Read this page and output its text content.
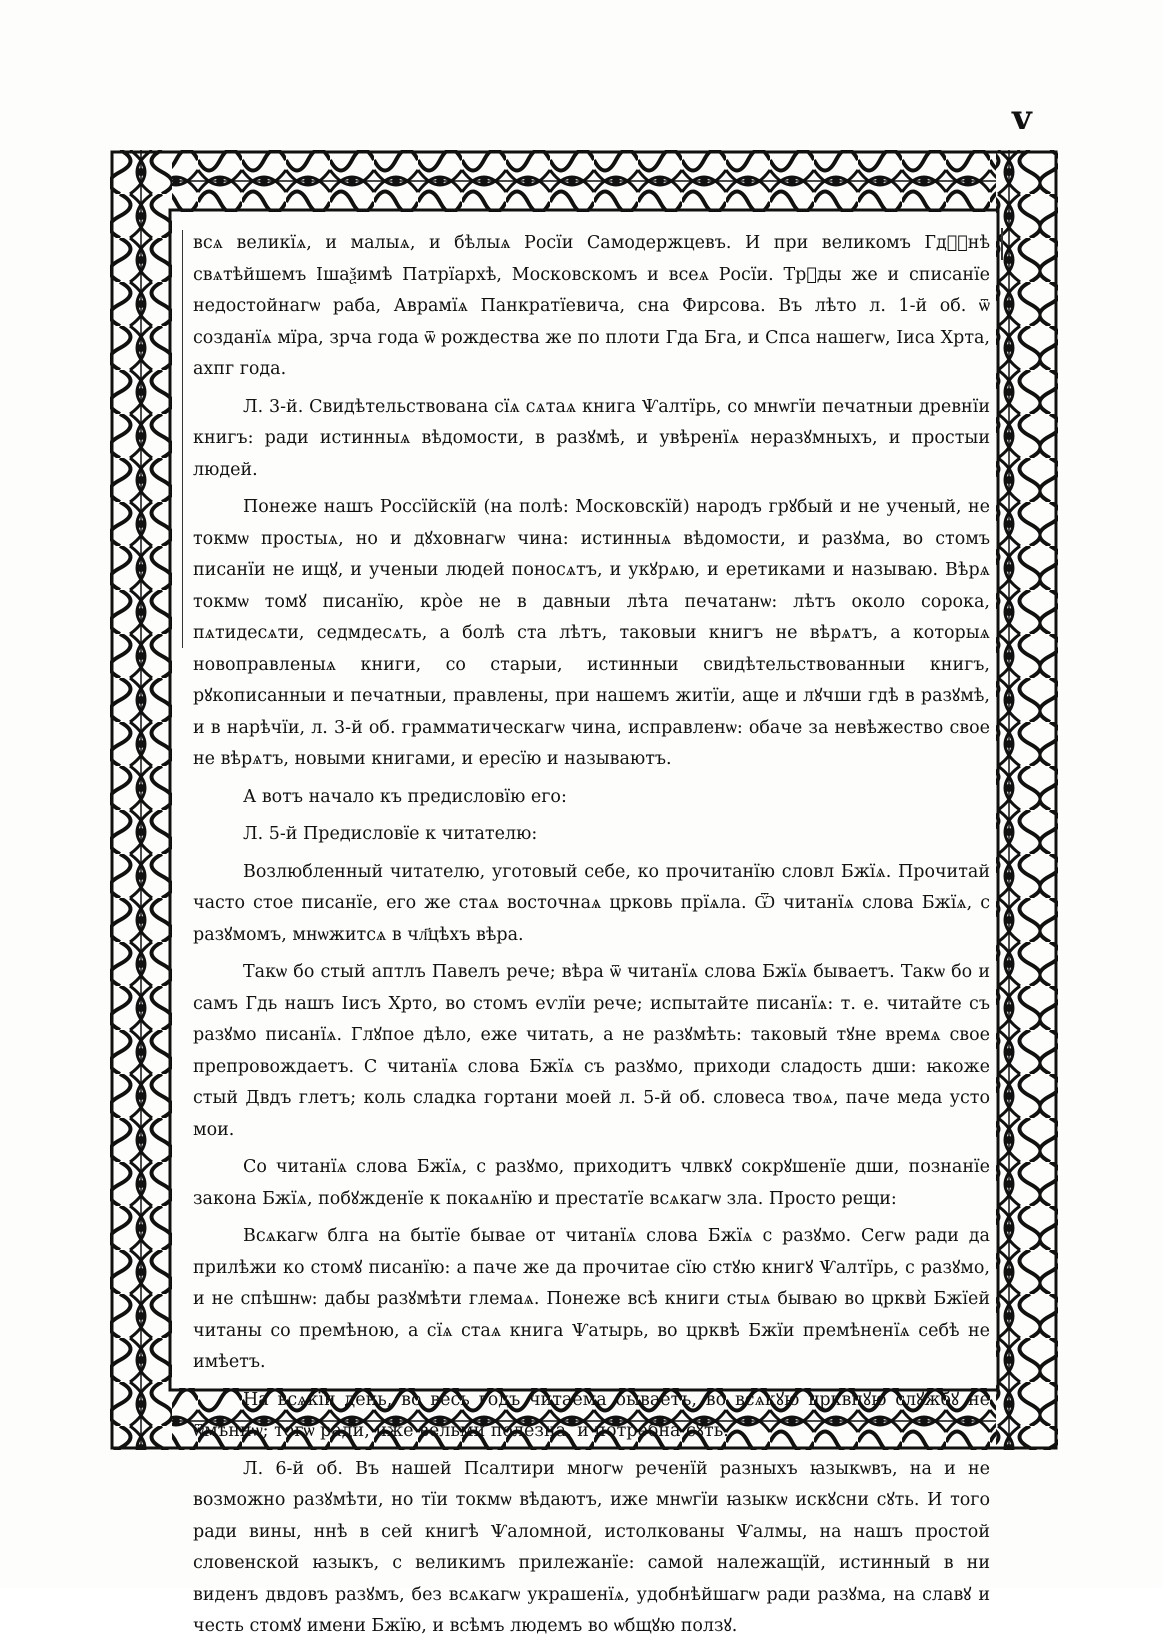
v

всѧ великїѧ, и малыѧ, и бѣлыѧ Росїи Самодержцевъ. И при великомъ Гдⷭ҇нѣ свѧтѣйшемъ Ішаѯимѣ Патрїархѣ, Московскомъ и всеѧ Росїи. Трꙋды же и списанїе недостойнагѡ раба, Аврамїѧ Панкратїевича, сна Фирсова. Въ лѣто л. 1-й об. ѿ созданїѧ мїра, зрча года ѿ рождества же по плоти Гда Бга, и Спса нашегѡ, Іиса Хрта, ахпг года.

Л. 3-й. Свидѣтельствована сїѧ сѧтаѧ книга Ѱалтїрь, со мнѡгїи печатныи древнїи книгъ: ради истинныѧ вѣдомости, в разꙋмѣ, и увѣренїѧ неразꙋмныхъ, и простыи людей.

Понеже нашъ Россїйскїй (на полѣ: Московскїй) народъ грꙋбый и не ученый, не токмѡ простыѧ, но и дꙋховнагѡ чина: истинныѧ вѣдомости, и разꙋма, во стомъ писанїи не ищꙋ, и ученыи людей поносѧтъ, и укꙋрѧю, и еретиками и называю. Вѣрѧ токмѡ томꙋ писанїю, кро̀е не в давныи лѣта печатанѡ: лѣтъ около сорока, пѧтидесѧти, седмдесѧть, а болѣ ста лѣтъ, таковыи книгъ не вѣрѧтъ, а которыѧ новоправленыѧ книги, со старыи, истинныи свидѣтельствованныи книгъ, рꙋкописанныи и печатныи, правлены, при нашемъ житїи, аще и лꙋчши гдѣ в разꙋмѣ, и в нарѣчїи, л. 3-й об. грамматическагѡ чина, исправленѡ: обаче за невѣжество свое не вѣрѧтъ, новыми книгами, и ересїю и называютъ.

А вотъ начало къ предисловїю его:

Л. 5-й Предисловїе к читателю:

Возлюбленный читателю, уготовый себе, ко прочитанїю словл Бжїѧ. Прочитай часто стое писанїе, его же стаѧ восточнаѧ црковь прїѧла. Ѿ читанїѧ слова Бжїѧ, с разꙋмомъ, мнѡжитсѧ в чл҃цѣхъ вѣра.

Такѡ бо стый аптлъ Павелъ рече; вѣра ѿ читанїѧ слова Бжїѧ бываетъ. Такѡ бо и самъ Гдь нашъ Іисъ Хрто, во стомъ еѵлїи рече; испытайте писанїѧ: т. е. читайте съ разꙋмо писанїѧ. Глꙋпое дѣло, еже читать, а не разꙋмѣть: таковый тꙋне времѧ свое препровождаетъ. С читанїѧ слова Бжїѧ съ разꙋмо, приходи сладость дши: ꙗкоже стый Двдъ глетъ; коль сладка гортани моей л. 5-й об. словеса твоѧ, паче меда усто мои.

Со читанїѧ слова Бжїѧ, с разꙋмо, приходитъ члвкꙋ сокрꙋшенїе дши, познанїе закона Бжїѧ, побꙋжденїе к покаѧнїю и престатїе всѧкагѡ зла. Просто рещи:

Всѧкагѡ блга на бытїе бывае от читанїѧ слова Бжїѧ с разꙋмо. Сегѡ ради да прилѣжи ко стомꙋ писанїю: а паче же да прочитае сїю стꙋю книгꙋ Ѱалтїрь, с разꙋмо, и не спѣшнѡ: дабы разꙋмѣти глемаѧ. Понеже всѣ книги стыѧ бываю во црквѝ Бжїей читаны со премѣною, а сїѧ стаѧ книга Ѱатырь, во црквѣ Бжїи премѣненїѧ себѣ не имѣетъ.

На всѧкїи день, во весь годъ читаема бываетъ, во всѧкꙋю црквнꙋю слꙋжбꙋ не ѿмѣннѡ; тогѡ ради, иже вельми полезна, и потребна сꙋть.

Л. 6-й об. Въ нашей Псалтири многѡ реченїй разныхъ ꙗзыкѡвъ, на и не возможно разꙋмѣти, но тїи токмѡ вѣдаютъ, иже мнѡгїи ꙗзыкѡ искꙋсни сꙋть. И того ради вины, ннѣ в сей книгѣ Ѱаломной, истолкованы Ѱалмы, на нашъ простой словенской ꙗзыкъ, с великимъ прилежанїе: самой належащїй, истинный в ни виденъ двдовъ разꙋмъ, без всѧкагѡ украшенїѧ, удобнѣйшагѡ ради разꙋма, на славꙋ и честь стомꙋ имени Бжїю, и всѣмъ людемъ во ѡбщꙋю ползꙋ.
